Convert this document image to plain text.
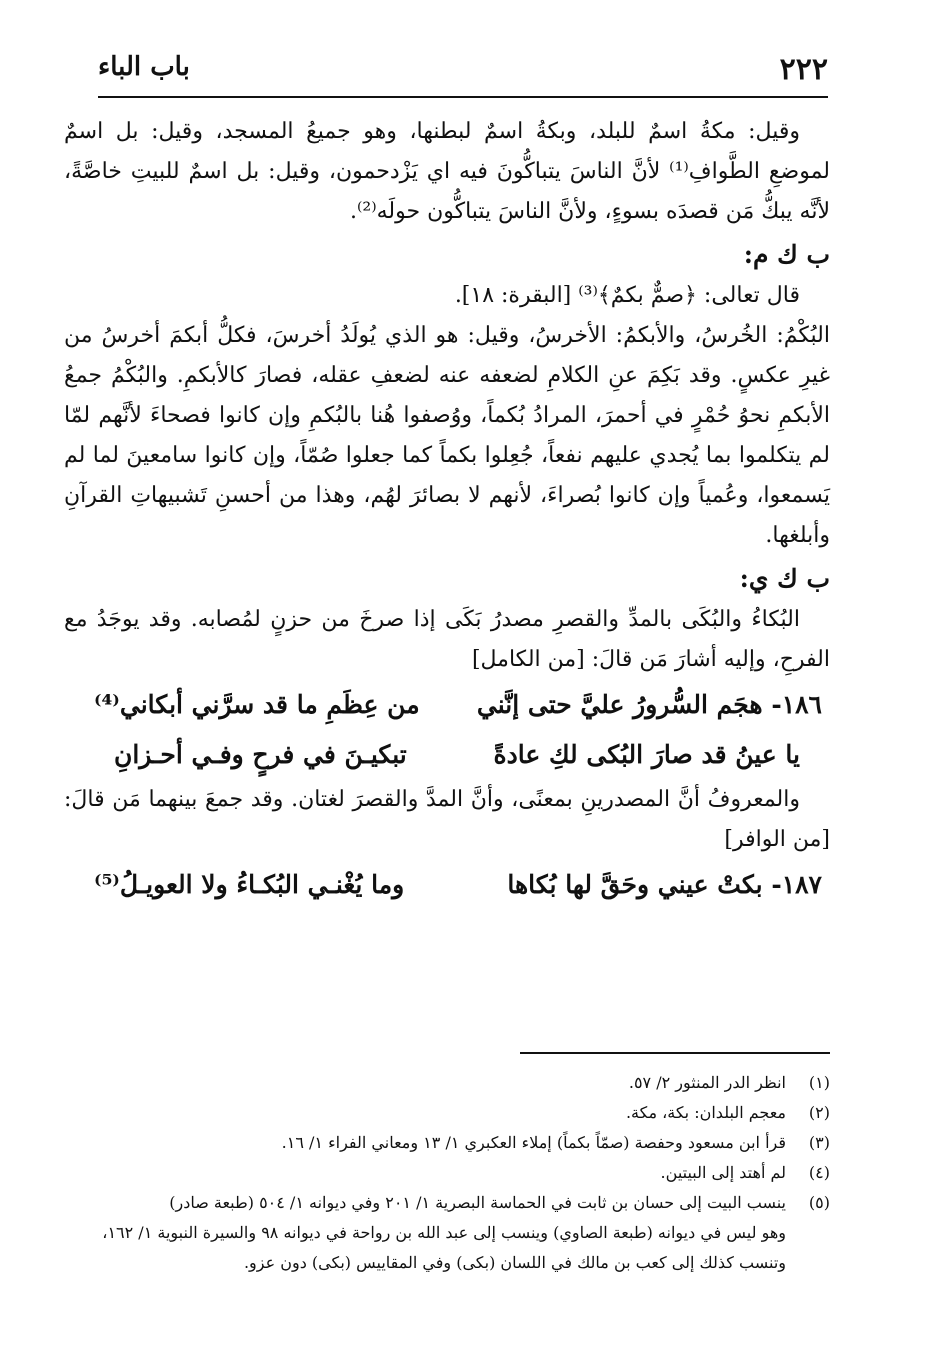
٢٢٢
باب الباء

وقيل: مكةُ اسمٌ للبلد، وبكةُ اسمٌ لبطنها، وهو جميعُ المسجد، وقيل: بل اسمٌ لموضعِ الطَّوافِ⁽¹⁾ لأنَّ الناسَ يتباكُّونَ فيه اي يَزْدحمون، وقيل: بل اسمٌ للبيتِ خاصَّةً، لأنَّه يبكُّ مَن قصدَه بسوءٍ، ولأنَّ الناسَ يتباكُّون حولَه⁽²⁾.

ب ك م:

قال تعالى: ﴿صمٌّ بكمٌ﴾⁽³⁾ [البقرة: ١٨].

البُكْمُ: الخُرسُ، والأبكمُ: الأخرسُ، وقيل: هو الذي يُولَدُ أخرسَ، فكلُّ أبكمَ أخرسُ من غيرِ عكسٍ. وقد بَكِمَ عنِ الكلامِ لضعفه عنه لضعفِ عقله، فصارَ كالأبكمِ. والبُكْمُ جمعُ الأبكمِ نحوُ حُمْرٍ في أحمرَ، المرادُ بُكماً، ووُصفوا هُنا بالبُكمِ وإن كانوا فصحاءَ لأنَّهم لمّا لم يتكلموا بما يُجدي عليهم نفعاً، جُعِلوا بكماً كما جعلوا صُمّاً، وإن كانوا سامعينَ لما لم يَسمعوا، وعُمياً وإن كانوا بُصراءَ، لأنهم لا بصائرَ لهُم، وهذا من أحسنِ تَشبيهاتِ القرآنِ وأبلغها.

ب ك ي:

البُكاءُ والبُكَى بالمدِّ والقصرِ مصدرُ بَكَى إذا صرخَ من حزنٍ لمُصابه. وقد يوجَدُ مع الفرحِ، وإليه أشارَ مَن قالَ: [من الكامل]

١٨٦- هجَم السُّرورُ عليَّ حتى إنَّني
من عِظَمِ ما قد سرَّني أبكاني⁽⁴⁾
يا عينُ قد صارَ البُكى لكِ عادةً
تبكيـنَ في فرحٍ وفـي أحـزانِ

والمعروفُ أنَّ المصدرينِ بمعنًى، وأنَّ المدَّ والقصرَ لغتان. وقد جمعَ بينهما مَن قالَ: [من الوافر]

١٨٧- بكتْ عيني وحَقَّ لها بُكاها
وما يُغْنـي البُكـاءُ ولا العويـلُ⁽⁵⁾
(١)
انظر الدر المنثور ٢/ ٥٧.
(٢)
معجم البلدان: بكة، مكة.
(٣)
قرأ ابن مسعود وحفصة (صمّاً بكماً) إملاء العكبري ١/ ١٣ ومعاني الفراء ١/ ١٦.
(٤)
لم أهتد إلى البيتين.
(٥)
ينسب البيت إلى حسان بن ثابت في الحماسة البصرية ١/ ٢٠١ وفي ديوانه ١/ ٥٠٤ (طبعة صادر)
وهو ليس في ديوانه (طبعة الصاوي) وينسب إلى عبد الله بن رواحة في ديوانه ٩٨ والسيرة النبوية ١/ ١٦٢، وتنسب كذلك إلى كعب بن مالك في اللسان (بكى) وفي المقاييس (بكى) دون عزو.
